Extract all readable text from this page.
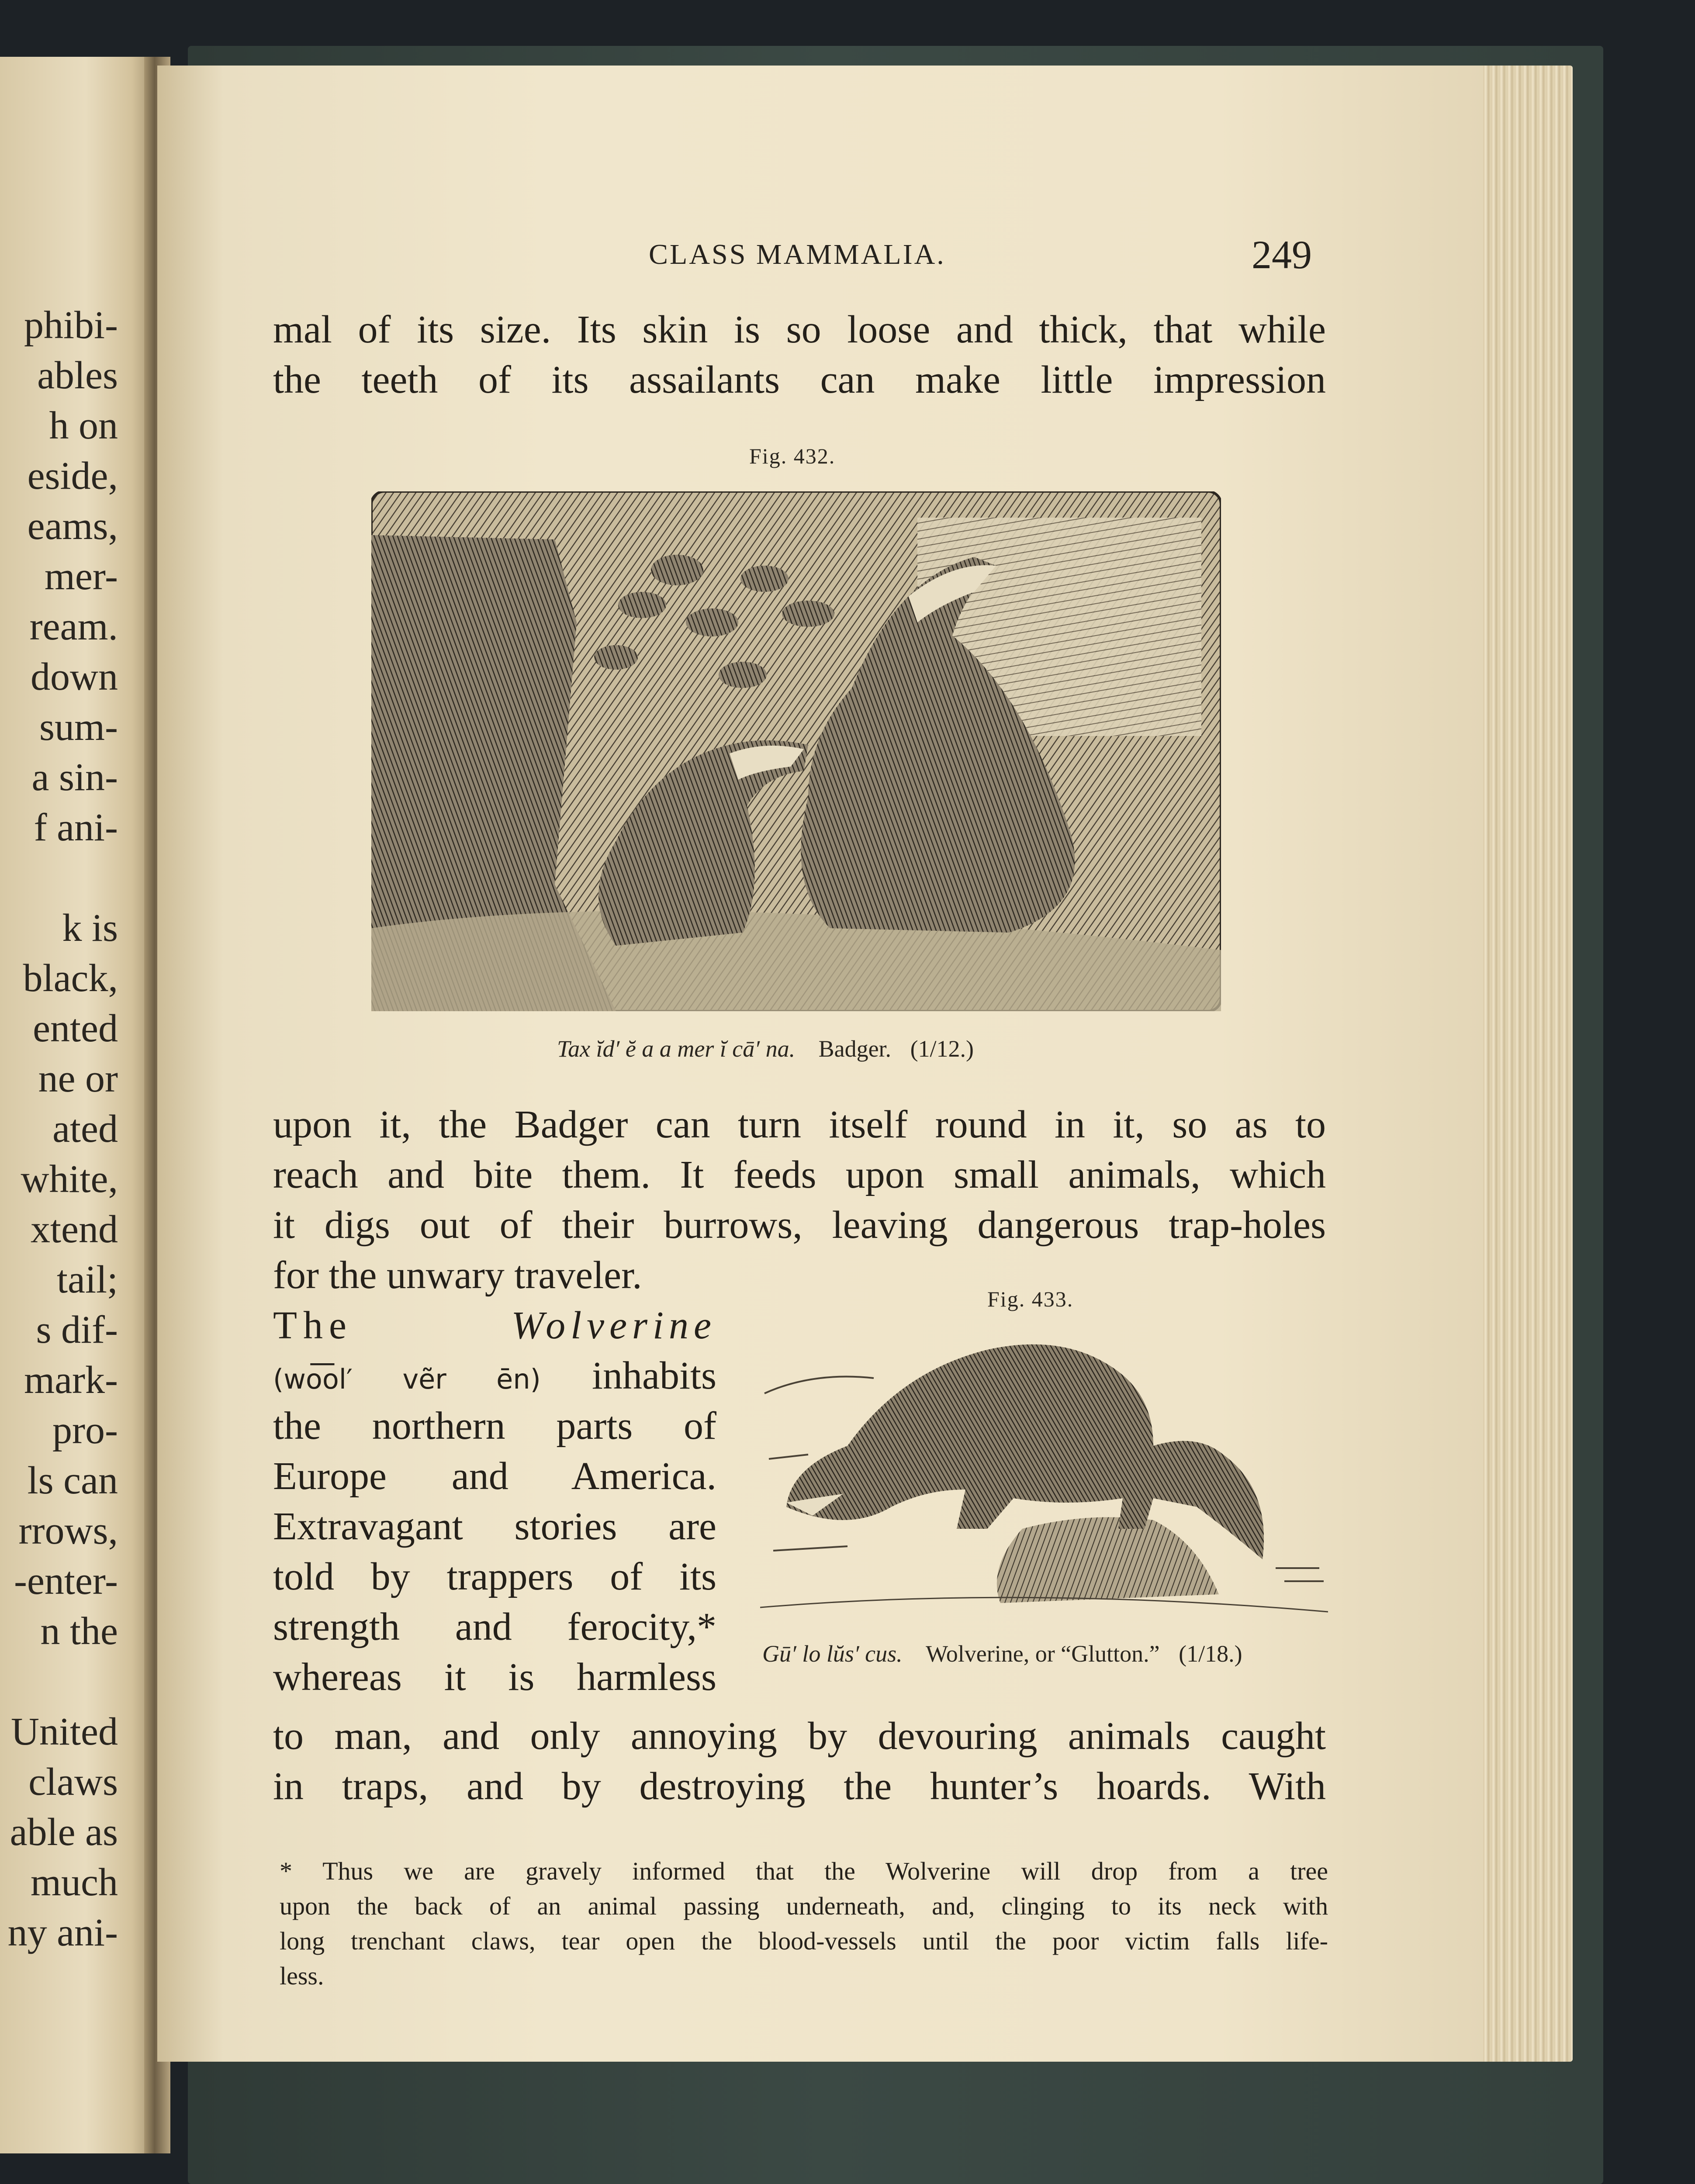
phibi-
ables
h on
eside,
eams,
mer-
ream.
down
sum-
a sin-
f ani-
k is
black,
ented
ne or
ated
white,
xtend
tail;
s dif-
mark-
pro-
ls can
rrows,
-enter-
n the
United
claws
able as
much
ny ani-
CLASS MAMMALIA.	249
mal of its size. Its skin is so loose and thick, that while
the teeth of its assailants can make little impression
Fig. 432.
Tax ĭd′ ĕ a a mer ĭ cā′ na. Badger. (1/12.)
upon it, the Badger can turn itself round in it, so as to
reach and bite them. It feeds upon small animals, which
it digs out of their burrows, leaving dangerous trap-holes
for the unwary traveler.
The	Wolverine
(wo͞ol′ vẽr ēn) inhabits
the northern parts of
Europe and America.
Extravagant stories are
told by trappers of its
strength and ferocity,*
whereas it is harmless
Fig. 433.
Gū′ lo lŭs′ cus. Wolverine, or “Glutton.” (1/18.)
to man, and only annoying by devouring animals caught
in traps, and by destroying the hunter’s hoards. With
* Thus we are gravely informed that the Wolverine will drop from a tree
upon the back of an animal passing underneath, and, clinging to its neck with
long trenchant claws, tear open the blood-vessels until the poor victim falls life-
less.
